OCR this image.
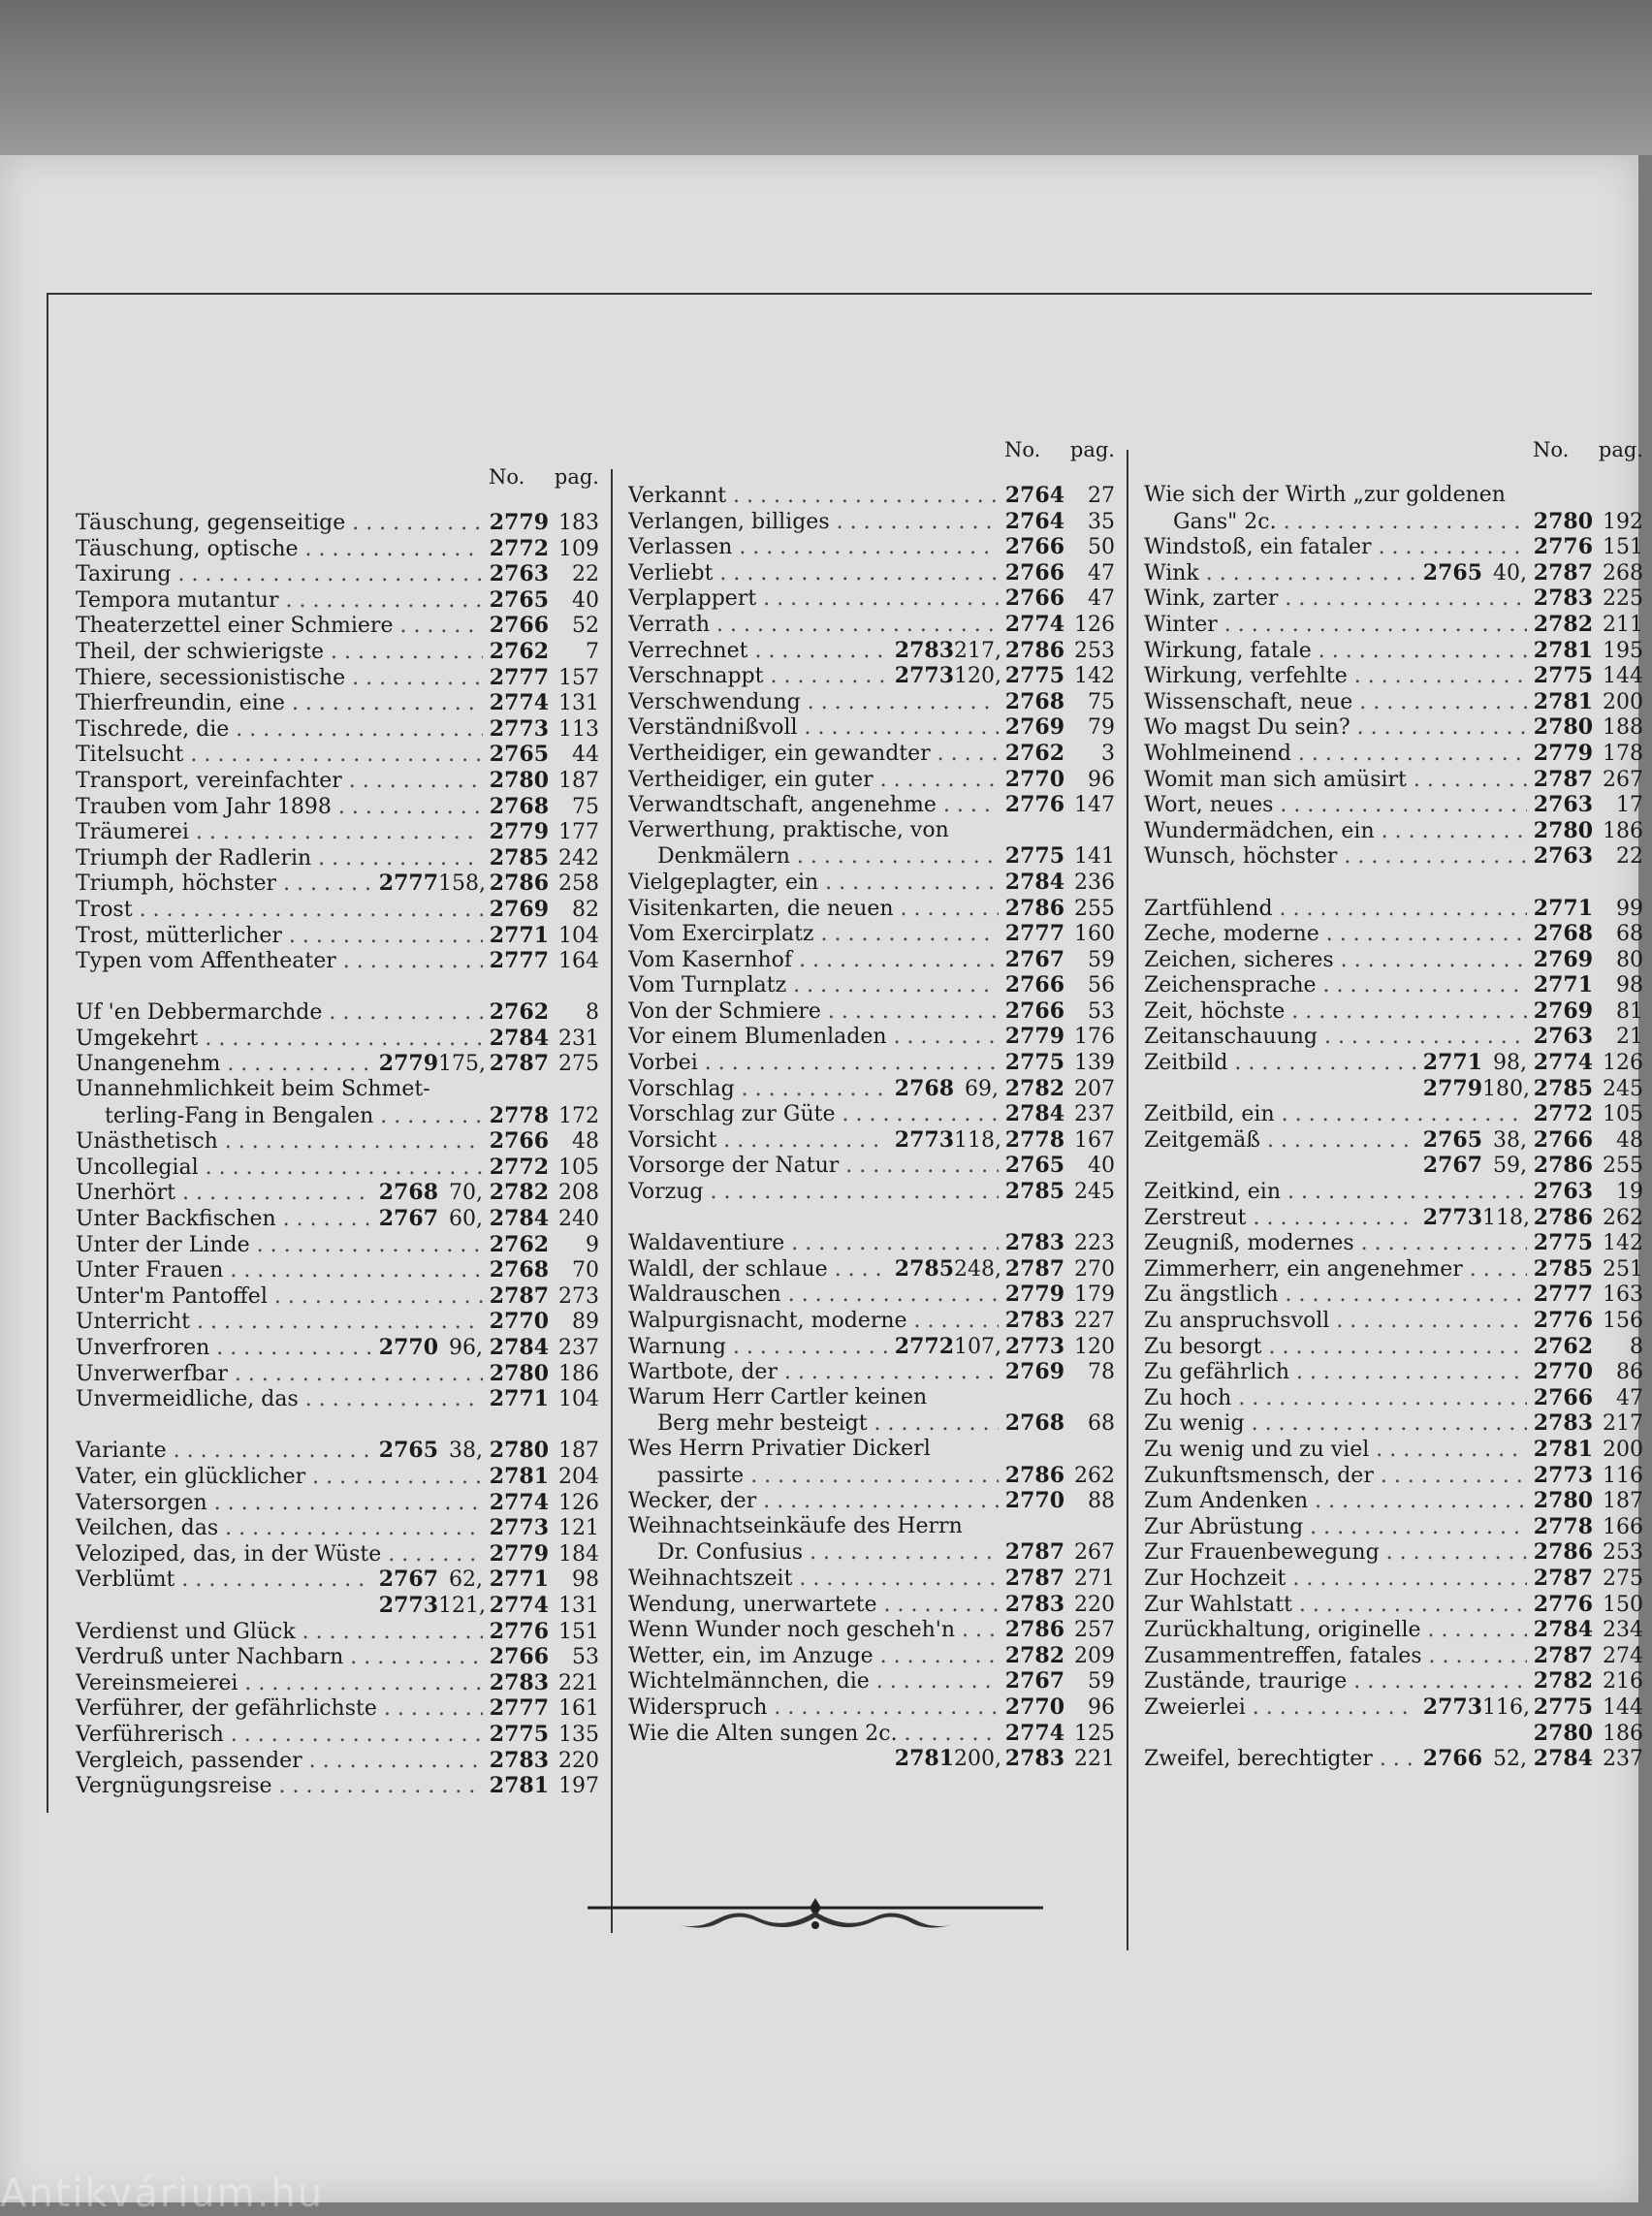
No.	pag.
Täuschung, gegenseitige . . .	2779 183
Täuschung, optische . . .	2772 109
Taxirung . . .	2763	22
Tempora mutantur . . .	2765	40
Theaterzettel einer Schmiere . . .	2766	52
Theil, der schwierigste . . .	2762	7
Thiere, secessionistische . . .	2777 157
Thierfreundin, eine . . .	2774 131
Tischrede, die . . .	2773 113
Titelsucht . . .	2765	44
Transport, vereinfachter . . .	2780 187
Trauben vom Jahr 1898 . . .	2768	75
Träumerei . . .	2779 177
Triumph der Radlerin . . .	2785 242
Triumph, höchster . . .	2777 158, 2786 258
Trost . . .	2769	82
Trost, mütterlicher . . .	2771 104
Typen vom Affentheater . . .	2777 164
Uf 'en Debbermarchde . . .	2762	8
Umgekehrt . . .	2784 231
Unangenehm . . .	2779 175, 2787 275
Unannehmlichkeit beim Schmet-
terling-Fang in Bengalen . . .	2778 172
Unästhetisch . . .	2766	48
Uncollegial . . .	2772 105
Unerhört . . .	2768 70, 2782 208
Unter Backfischen . . .	2767 60, 2784 240
Unter der Linde . . .	2762	9
Unter Frauen . . .	2768	70
Unter'm Pantoffel . . .	2787 273
Unterricht . . .	2770	89
Unverfroren . . .	2770 96, 2784 237
Unverwerfbar . . .	2780 186
Unvermeidliche, das . . .	2771 104
Variante . . .	2765 38, 2780 187
Vater, ein glücklicher . . .	2781 204
Vatersorgen . . .	2774 126
Veilchen, das . . .	2773 121
Veloziped, das, in der Wüste . . .	2779 184
Verblümt . . .	2767 62, 2771	98
2773 121, 2774 131
Verdienst und Glück . . .	2776 151
Verdruß unter Nachbarn . . .	2766	53
Vereinsmeierei . . .	2783 221
Verführer, der gefährlichste . . .	2777 161
Verführerisch . . .	2775 135
Vergleich, passender . . .	2783 220
Vergnügungsreise . . .	2781 197
No.	pag.
Verkannt . . .	2764	27
Verlangen, billiges . . .	2764	35
Verlassen . . .	2766	50
Verliebt . . .	2766	47
Verplappert . . .	2766	47
Verrath . . .	2774 126
Verrechnet . . .	2783 217, 2786 253
Verschnappt . . .	2773 120, 2775 142
Verschwendung . . .	2768	75
Verständnißvoll . . .	2769	79
Vertheidiger, ein gewandter . . .	2762	3
Vertheidiger, ein guter . . .	2770	96
Verwandtschaft, angenehme . . .	2776 147
Verwerthung, praktische, von
Denkmälern . . .	2775 141
Vielgeplagter, ein . . .	2784 236
Visitenkarten, die neuen . . .	2786 255
Vom Exercirplatz . . .	2777 160
Vom Kasernhof . . .	2767	59
Vom Turnplatz . . .	2766	56
Von der Schmiere . . .	2766	53
Vor einem Blumenladen . . .	2779 176
Vorbei . . .	2775 139
Vorschlag . . .	2768 69, 2782 207
Vorschlag zur Güte . . .	2784 237
Vorsicht . . .	2773 118, 2778 167
Vorsorge der Natur . . .	2765	40
Vorzug . . .	2785 245
Waldaventiure . . .	2783 223
Waldl, der schlaue . . .	2785 248, 2787 270
Waldrauschen . . .	2779 179
Walpurgisnacht, moderne . . .	2783 227
Warnung . . .	2772 107, 2773 120
Wartbote, der . . .	2769	78
Warum Herr Cartler keinen
Berg mehr besteigt . . .	2768	68
Wes Herrn Privatier Dickerl
passirte . . .	2786 262
Wecker, der . . .	2770	88
Weihnachtseinkäufe des Herrn
Dr. Confusius . . .	2787 267
Weihnachtszeit . . .	2787 271
Wendung, unerwartete . . .	2783 220
Wenn Wunder noch gescheh'n . . .	2786 257
Wetter, ein, im Anzuge . . .	2782 209
Wichtelmännchen, die . . .	2767	59
Widerspruch . . .	2770	96
Wie die Alten sungen 2c. . . .	2774 125
2781 200, 2783 221
No.	pag.
Wie sich der Wirth „zur goldenen
Gans" 2c. . . .	2780 192
Windstoß, ein fataler . . .	2776 151
Wink . . .	2765 40, 2787 268
Wink, zarter . . .	2783 225
Winter . . .	2782 211
Wirkung, fatale . . .	2781 195
Wirkung, verfehlte . . .	2775 144
Wissenschaft, neue . . .	2781 200
Wo magst Du sein? . . .	2780 188
Wohlmeinend . . .	2779 178
Womit man sich amüsirt . . .	2787 267
Wort, neues . . .	2763	17
Wundermädchen, ein . . .	2780 186
Wunsch, höchster . . .	2763	22
Zartfühlend . . .	2771	99
Zeche, moderne . . .	2768	68
Zeichen, sicheres . . .	2769	80
Zeichensprache . . .	2771	98
Zeit, höchste . . .	2769	81
Zeitanschauung . . .	2763	21
Zeitbild . . .	2771 98, 2774 126
2779 180, 2785 245
Zeitbild, ein . . .	2772 105
Zeitgemäß . . .	2765 38, 2766	48
2767 59, 2786 255
Zeitkind, ein . . .	2763	19
Zerstreut . . .	2773 118, 2786 262
Zeugniß, modernes . . .	2775 142
Zimmerherr, ein angenehmer . . .	2785 251
Zu ängstlich . . .	2777 163
Zu anspruchsvoll . . .	2776 156
Zu besorgt . . .	2762	8
Zu gefährlich . . .	2770	86
Zu hoch . . .	2766	47
Zu wenig . . .	2783 217
Zu wenig und zu viel . . .	2781 200
Zukunftsmensch, der . . .	2773 116
Zum Andenken . . .	2780 187
Zur Abrüstung . . .	2778 166
Zur Frauenbewegung . . .	2786 253
Zur Hochzeit . . .	2787 275
Zur Wahlstatt . . .	2776 150
Zurückhaltung, originelle . . .	2784 234
Zusammentreffen, fatales . . .	2787 274
Zustände, traurige . . .	2782 216
Zweierlei . . .	2773 116, 2775 144
2780 186
Zweifel, berechtigter . . .	2766 52, 2784 237
Antikvárium.hu
